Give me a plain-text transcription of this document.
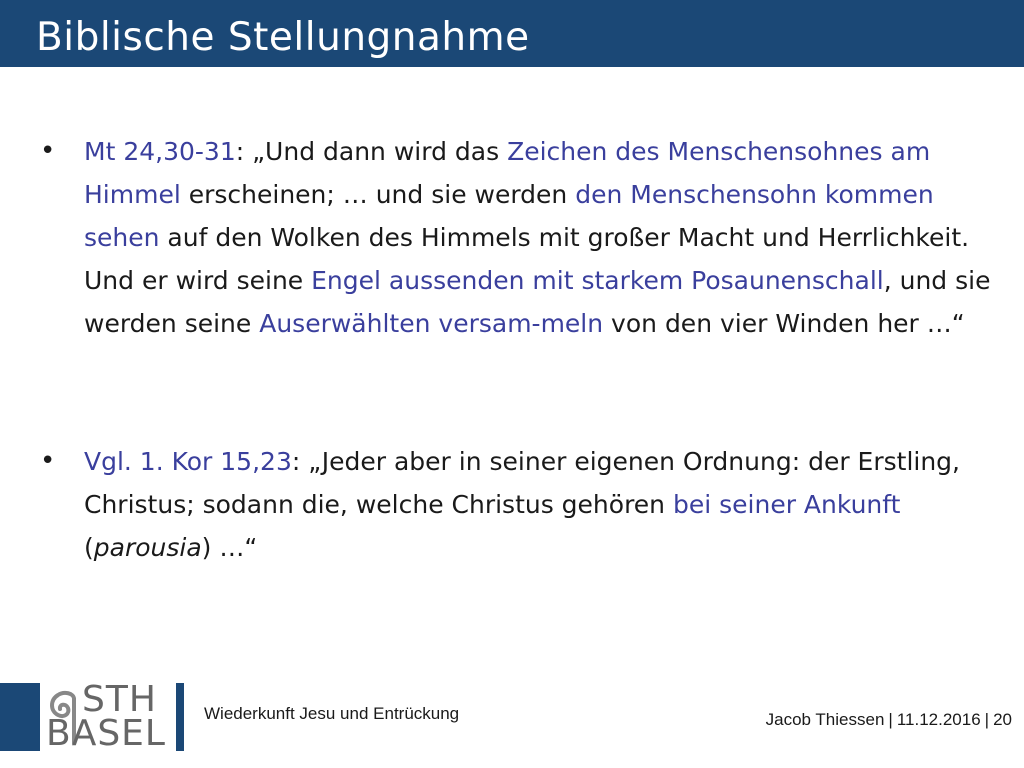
Biblische Stellungnahme
• Mt 24,30-31: „Und dann wird das Zeichen des Menschensohnes am Himmel erscheinen; … und sie werden den Menschensohn kommen sehen auf den Wolken des Himmels mit großer Macht und Herrlichkeit. Und er wird seine Engel aussenden mit starkem Posaunenschall, und sie werden seine Auserwählten versam-meln von den vier Winden her …“
• Vgl. 1. Kor 15,23: „Jeder aber in seiner eigenen Ordnung: der Erstling, Christus; sodann die, welche Christus gehören bei seiner Ankunft (parousia) …“
STH
BASEL Wiederkunft Jesu und Entrückung	Jacob Thiessen | 11.12.2016 | 20
